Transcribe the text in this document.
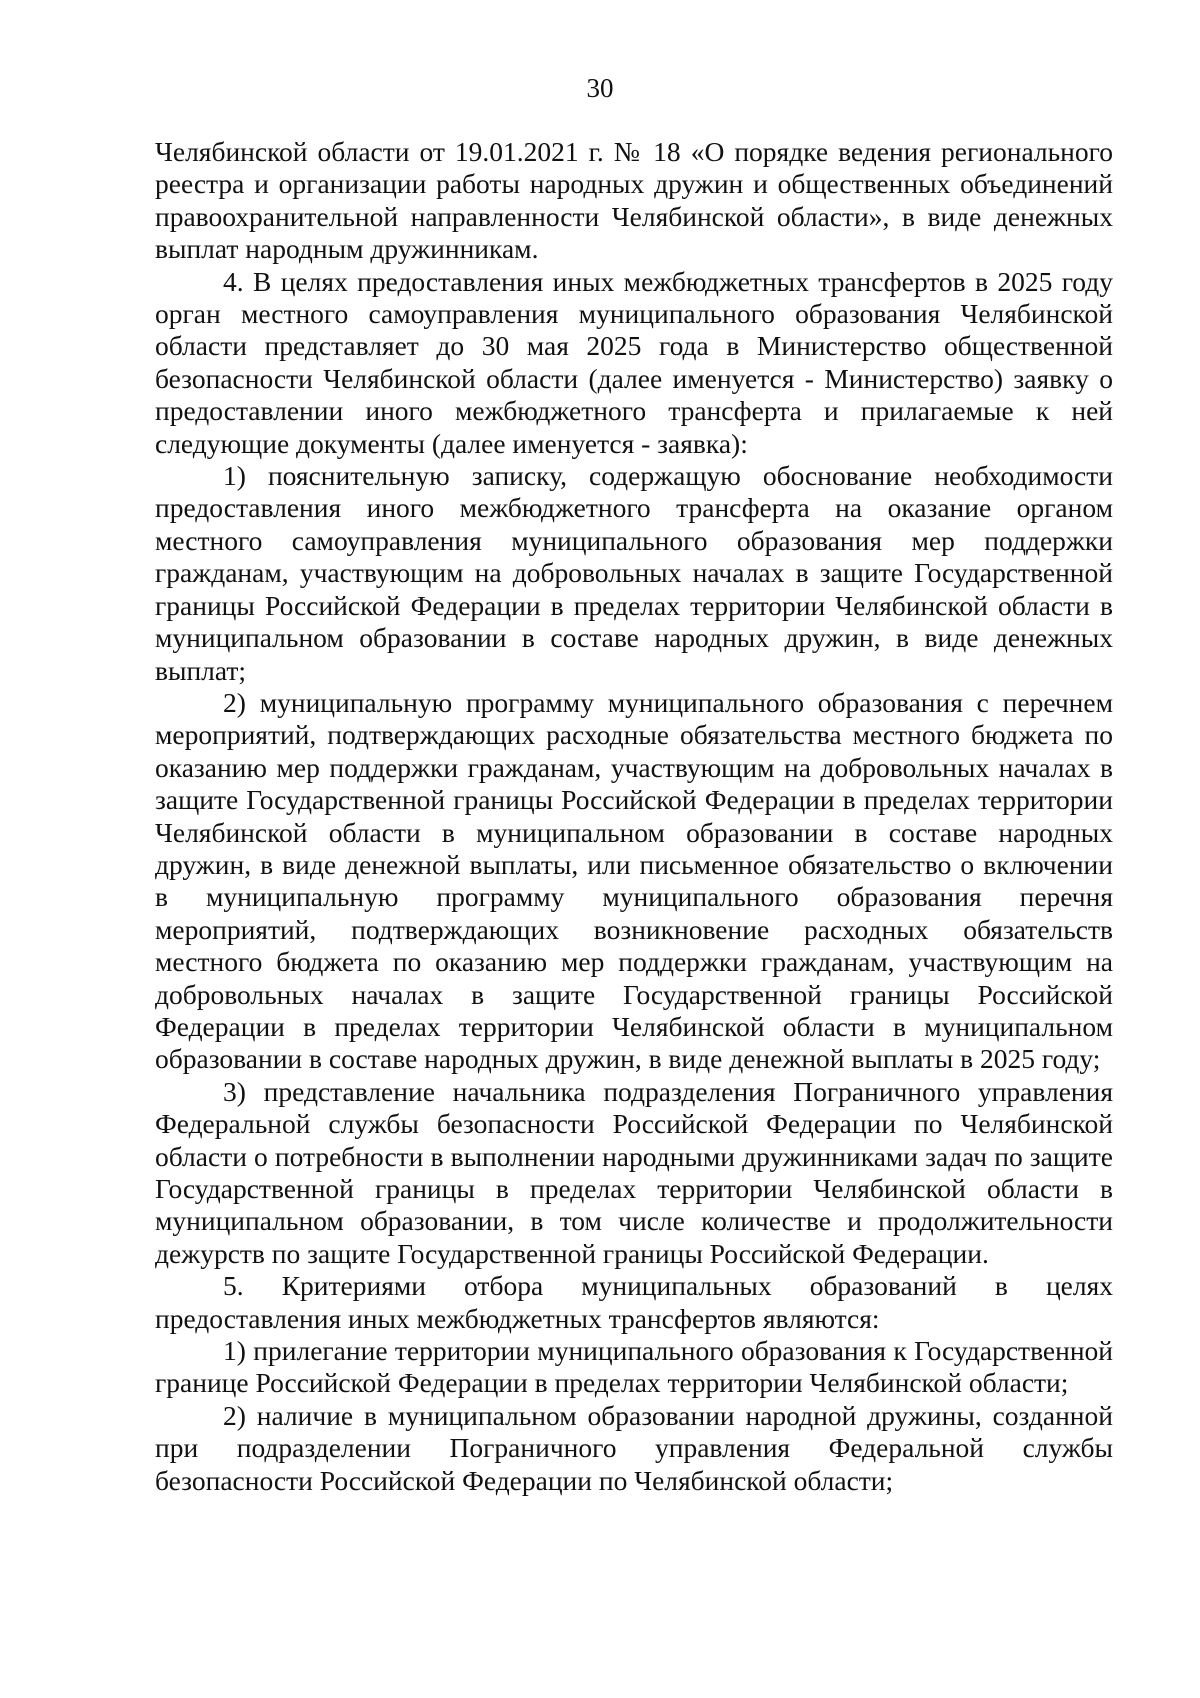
30

Челябинской области от 19.01.2021 г. № 18 «О порядке ведения регионального реестра и организации работы народных дружин и общественных объединений правоохранительной направленности Челябинской области», в виде денежных выплат народным дружинникам.

4. В целях предоставления иных межбюджетных трансфертов в 2025 году орган местного самоуправления муниципального образования Челябинской области представляет до 30 мая 2025 года в Министерство общественной безопасности Челябинской области (далее именуется - Министерство) заявку о предоставлении иного межбюджетного трансферта и прилагаемые к ней следующие документы (далее именуется - заявка):

1) пояснительную записку, содержащую обоснование необходимости предоставления иного межбюджетного трансферта на оказание органом местного самоуправления муниципального образования мер поддержки гражданам, участвующим на добровольных началах в защите Государственной границы Российской Федерации в пределах территории Челябинской области в муниципальном образовании в составе народных дружин, в виде денежных выплат;

2) муниципальную программу муниципального образования с перечнем мероприятий, подтверждающих расходные обязательства местного бюджета по оказанию мер поддержки гражданам, участвующим на добровольных началах в защите Государственной границы Российской Федерации в пределах территории Челябинской области в муниципальном образовании в составе народных дружин, в виде денежной выплаты, или письменное обязательство о включении в муниципальную программу муниципального образования перечня мероприятий, подтверждающих возникновение расходных обязательств местного бюджета по оказанию мер поддержки гражданам, участвующим на добровольных началах в защите Государственной границы Российской Федерации в пределах территории Челябинской области в муниципальном образовании в составе народных дружин, в виде денежной выплаты в 2025 году;

3) представление начальника подразделения Пограничного управления Федеральной службы безопасности Российской Федерации по Челябинской области о потребности в выполнении народными дружинниками задач по защите Государственной границы в пределах территории Челябинской области в муниципальном образовании, в том числе количестве и продолжительности дежурств по защите Государственной границы Российской Федерации.

5. Критериями отбора муниципальных образований в целях предоставления иных межбюджетных трансфертов являются:

1) прилегание территории муниципального образования к Государственной границе Российской Федерации в пределах территории Челябинской области;

2) наличие в муниципальном образовании народной дружины, созданной при подразделении Пограничного управления Федеральной службы безопасности Российской Федерации по Челябинской области;
